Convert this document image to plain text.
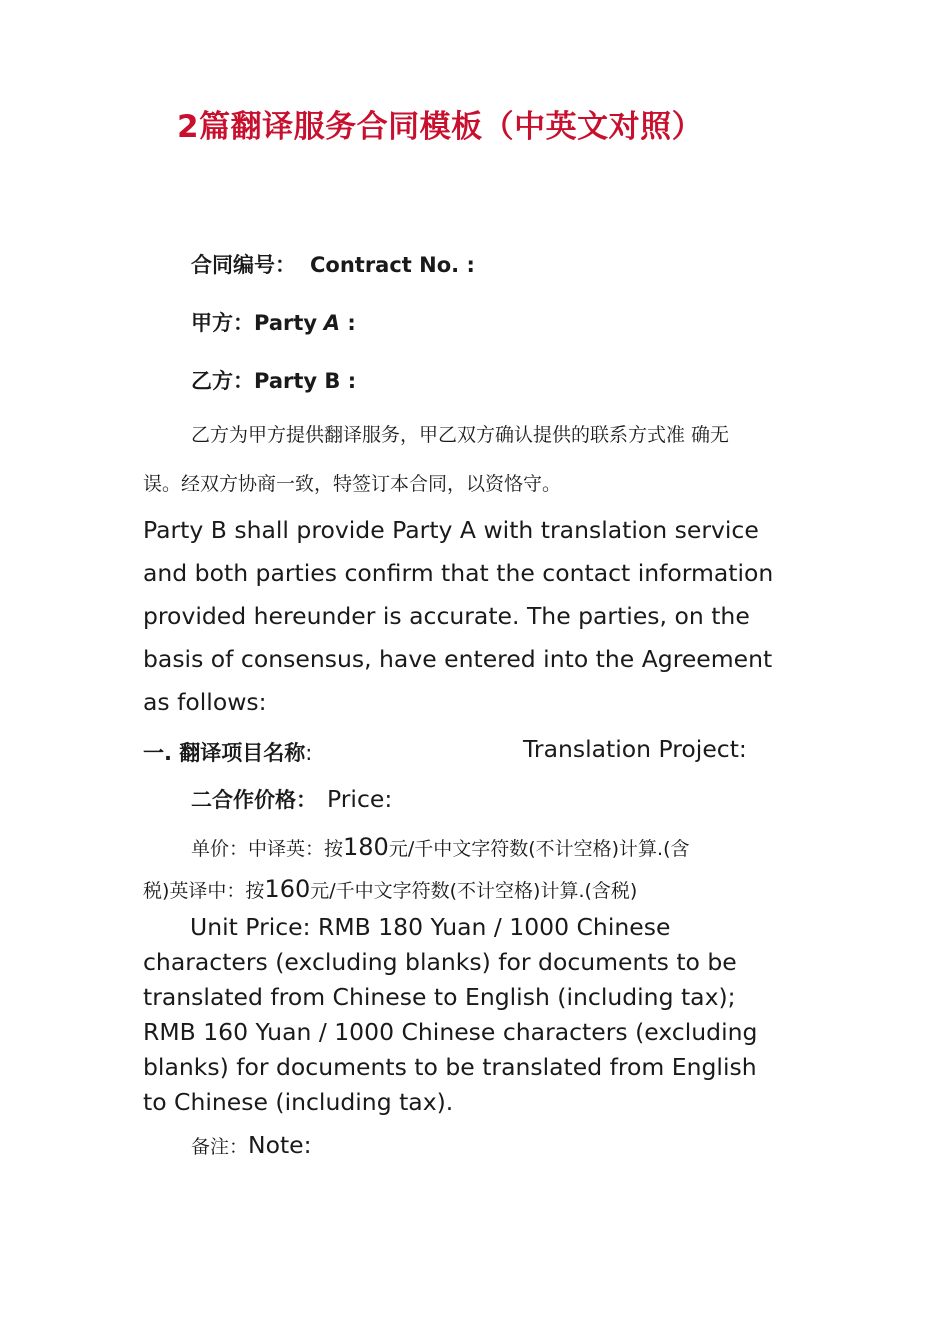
2篇翻译服务合同模板（中英文对照）
合同编号： Contract No. :
甲方：Party A :
乙方：Party B :
乙方为甲方提供翻译服务，甲乙双方确认提供的联系方式准 确无
误。经双方协商一致，特签订本合同，以资恪守。
Party B shall provide Party A with translation service
and both parties confirm that the contact information
provided hereunder is accurate. The parties, on the
basis of consensus, have entered into the Agreement
as follows:
一. 翻译项目名称:	Translation Project:
二合作价格： Price:
单价：中译英：按180元∕千中文字符数(不计空格)计算.(含
税)英译中：按160元∕千中文字符数(不计空格)计算.(含税)
Unit Price: RMB 180 Yuan / 1000 Chinese
characters (excluding blanks) for documents to be
translated from Chinese to English (including tax);
RMB 160 Yuan / 1000 Chinese characters (excluding
blanks) for documents to be translated from English
to Chinese (including tax).
备注：Note:
